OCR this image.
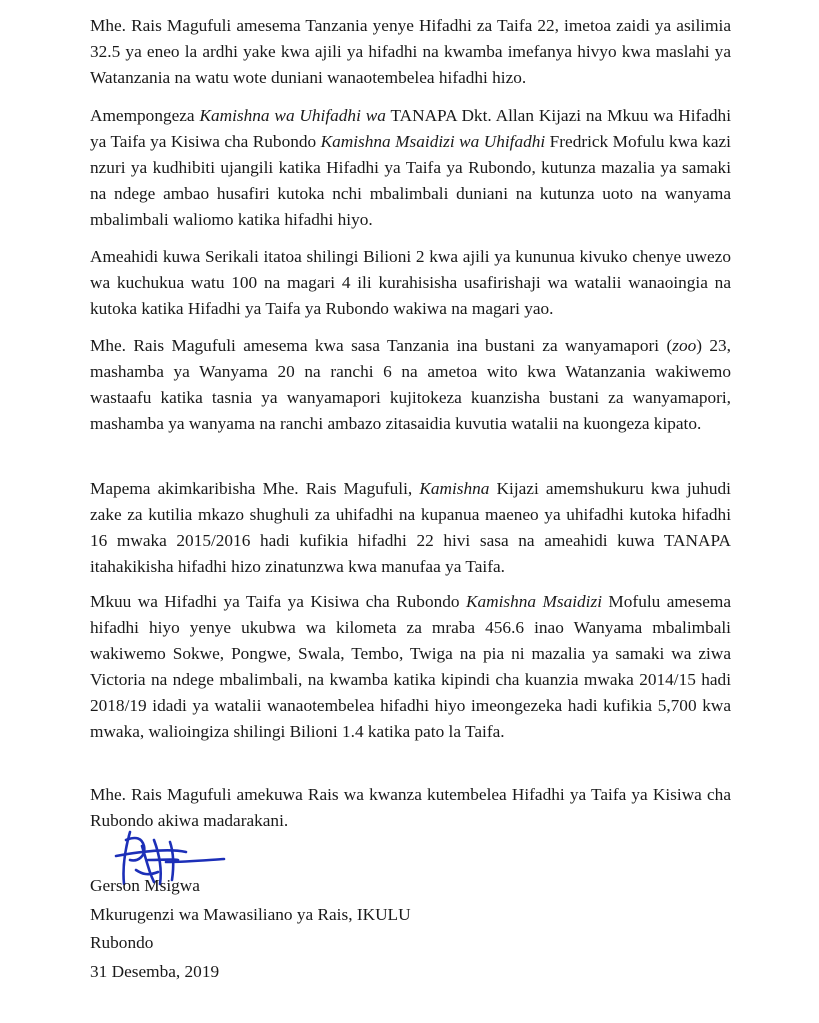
Mhe. Rais Magufuli amesema Tanzania yenye Hifadhi za Taifa 22, imetoa zaidi ya asilimia 32.5 ya eneo la ardhi yake kwa ajili ya hifadhi na kwamba imefanya hivyo kwa maslahi ya Watanzania na watu wote duniani wanaotembelea hifadhi hizo.

Amempongeza Kamishna wa Uhifadhi wa TANAPA Dkt. Allan Kijazi na Mkuu wa Hifadhi ya Taifa ya Kisiwa cha Rubondo Kamishna Msaidizi wa Uhifadhi Fredrick Mofulu kwa kazi nzuri ya kudhibiti ujangili katika Hifadhi ya Taifa ya Rubondo, kutunza mazalia ya samaki na ndege ambao husafiri kutoka nchi mbalimbali duniani na kutunza uoto na wanyama mbalimbali waliomo katika hifadhi hiyo.

Ameahidi kuwa Serikali itatoa shilingi Bilioni 2 kwa ajili ya kununua kivuko chenye uwezo wa kuchukua watu 100 na magari 4 ili kurahisisha usafirishaji wa watalii wanaoingia na kutoka katika Hifadhi ya Taifa ya Rubondo wakiwa na magari yao.

Mhe. Rais Magufuli amesema kwa sasa Tanzania ina bustani za wanyamapori (zoo) 23, mashamba ya Wanyama 20 na ranchi 6 na ametoa wito kwa Watanzania wakiwemo wastaafu katika tasnia ya wanyamapori kujitokeza kuanzisha bustani za wanyamapori, mashamba ya wanyama na ranchi ambazo zitasaidia kuvutia watalii na kuongeza kipato.

Mapema akimkaribisha Mhe. Rais Magufuli, Kamishna Kijazi amemshukuru kwa juhudi zake za kutilia mkazo shughuli za uhifadhi na kupanua maeneo ya uhifadhi kutoka hifadhi 16 mwaka 2015/2016 hadi kufikia hifadhi 22 hivi sasa na ameahidi kuwa TANAPA itahakikisha hifadhi hizo zinatunzwa kwa manufaa ya Taifa.

Mkuu wa Hifadhi ya Taifa ya Kisiwa cha Rubondo Kamishna Msaidizi Mofulu amesema hifadhi hiyo yenye ukubwa wa kilometa za mraba 456.6 inao Wanyama mbalimbali wakiwemo Sokwe, Pongwe, Swala, Tembo, Twiga na pia ni mazalia ya samaki wa ziwa Victoria na ndege mbalimbali, na kwamba katika kipindi cha kuanzia mwaka 2014/15 hadi 2018/19 idadi ya watalii wanaotembelea hifadhi hiyo imeongezeka hadi kufikia 5,700 kwa mwaka, walioingiza shilingi Bilioni 1.4 katika pato la Taifa.

Mhe. Rais Magufuli amekuwa Rais wa kwanza kutembelea Hifadhi ya Taifa ya Kisiwa cha Rubondo akiwa madarakani.

Gerson Msigwa
Mkurugenzi wa Mawasiliano ya Rais, IKULU
Rubondo
31 Desemba, 2019
